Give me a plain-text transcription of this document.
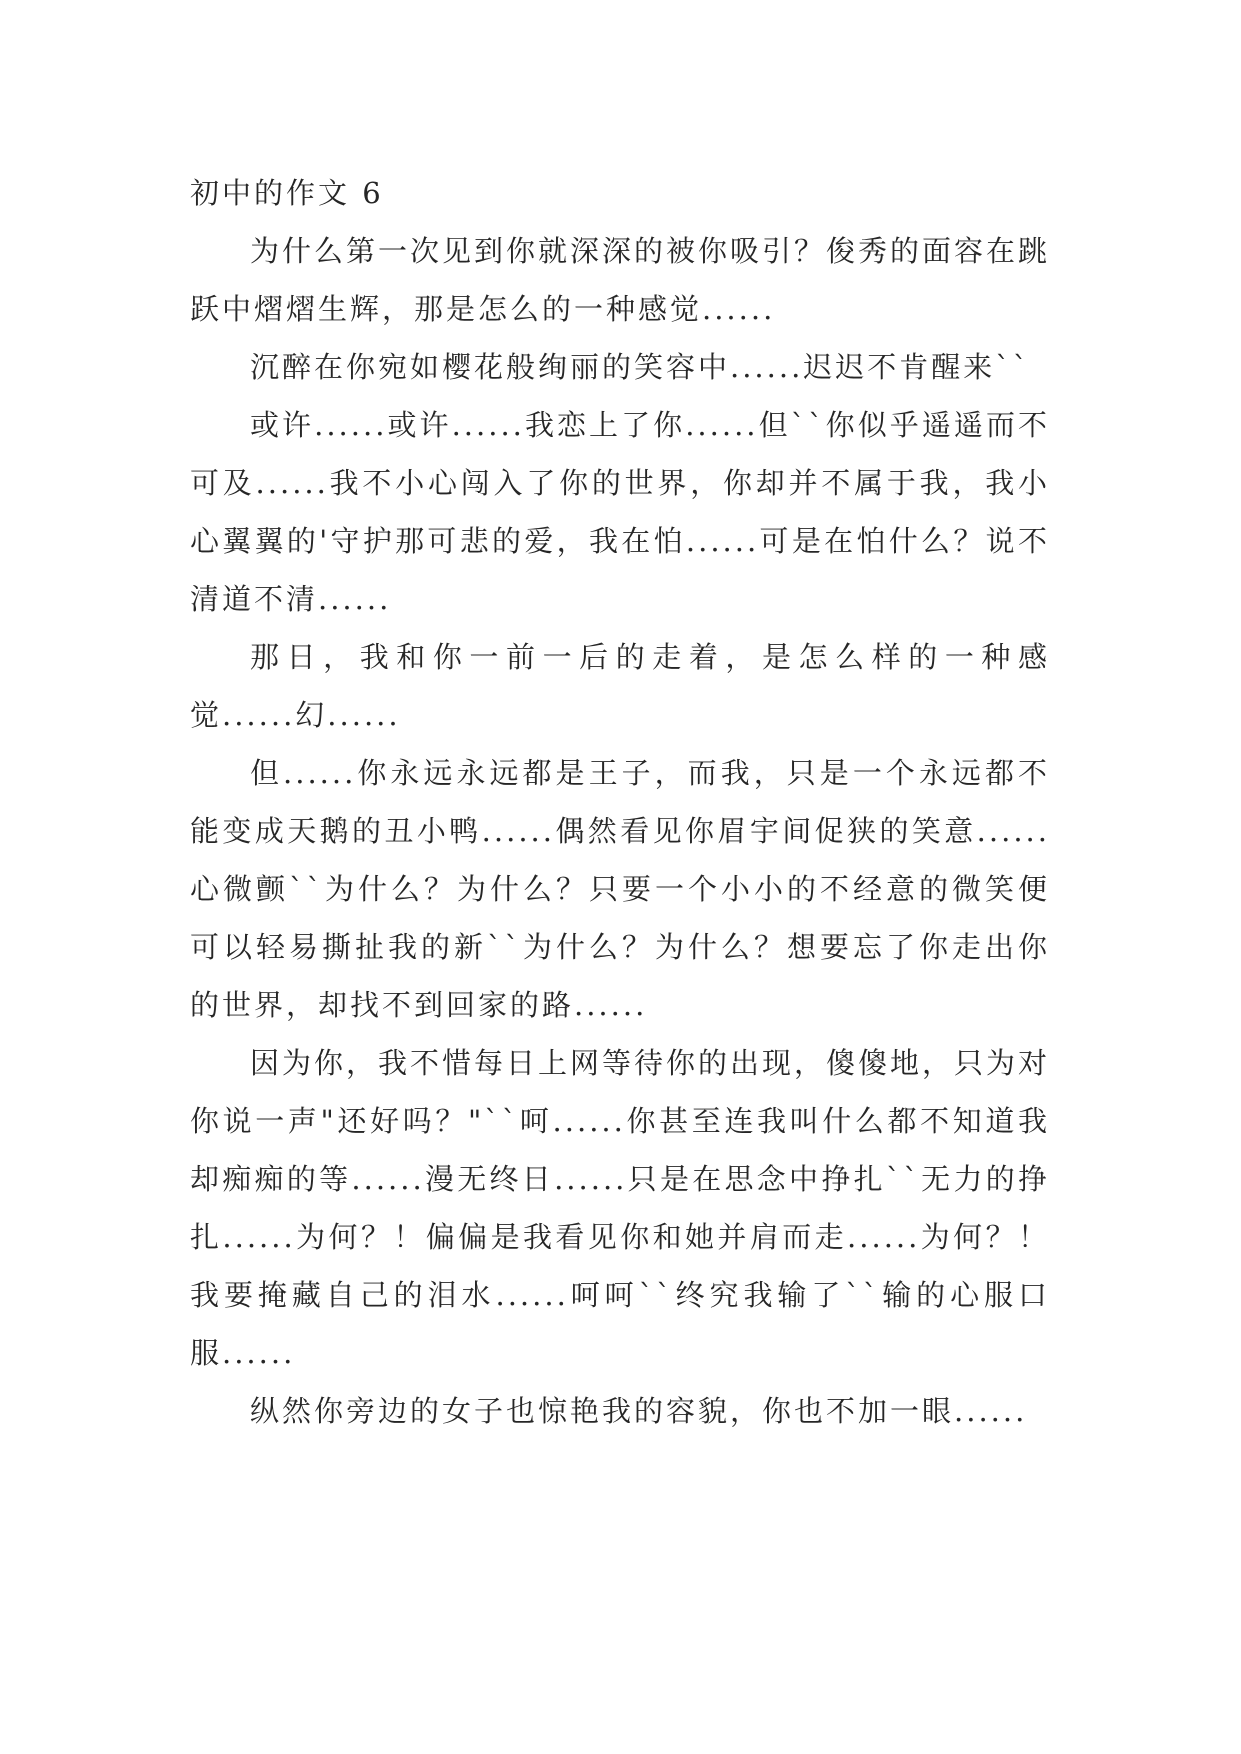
初中的作文 6

为什么第一次见到你就深深的被你吸引？俊秀的面容在跳跃中熠熠生辉，那是怎么的一种感觉......

沉醉在你宛如樱花般绚丽的笑容中......迟迟不肯醒来``

或许......或许......我恋上了你......但``你似乎遥遥而不可及......我不小心闯入了你的世界，你却并不属于我，我小心翼翼的'守护那可悲的爱，我在怕......可是在怕什么？说不清道不清......

那日，我和你一前一后的走着，是怎么样的一种感觉......幻......

但......你永远永远都是王子，而我，只是一个永远都不能变成天鹅的丑小鸭......偶然看见你眉宇间促狭的笑意......心微颤``为什么？为什么？只要一个小小的不经意的微笑便可以轻易撕扯我的新``为什么？为什么？想要忘了你走出你的世界，却找不到回家的路......

因为你，我不惜每日上网等待你的出现，傻傻地，只为对你说一声"还好吗？"``呵......你甚至连我叫什么都不知道我却痴痴的等......漫无终日......只是在思念中挣扎``无力的挣扎......为何？！偏偏是我看见你和她并肩而走......为何？！我要掩藏自己的泪水......呵呵``终究我输了``输的心服口服......

纵然你旁边的女子也惊艳我的容貌，你也不加一眼......
